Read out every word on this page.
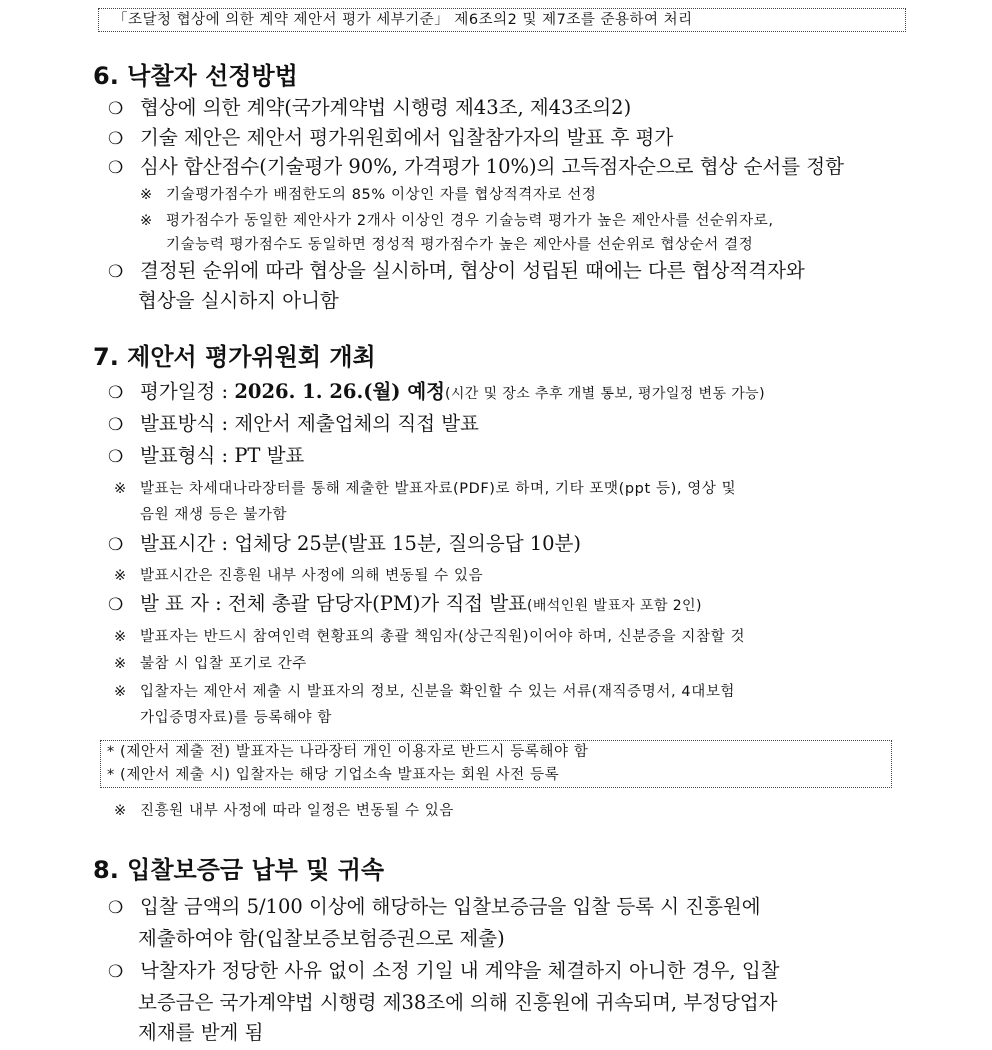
「조달청 협상에 의한 계약 제안서 평가 세부기준」 제6조의2 및 제7조를 준용하여 처리
6. 낙찰자 선정방법
❍ 협상에 의한 계약(국가계약법 시행령 제43조, 제43조의2)
❍ 기술 제안은 제안서 평가위원회에서 입찰참가자의 발표 후 평가
❍ 심사 합산점수(기술평가 90%, 가격평가 10%)의 고득점자순으로 협상 순서를 정함
※ 기술평가점수가 배점한도의 85% 이상인 자를 협상적격자로 선정
※ 평가점수가 동일한 제안사가 2개사 이상인 경우 기술능력 평가가 높은 제안사를 선순위자로,
기술능력 평가점수도 동일하면 정성적 평가점수가 높은 제안사를 선순위로 협상순서 결정
❍ 결정된 순위에 따라 협상을 실시하며, 협상이 성립된 때에는 다른 협상적격자와
협상을 실시하지 아니함
7. 제안서 평가위원회 개최
❍ 평가일정 : 2026. 1. 26.(월) 예정(시간 및 장소 추후 개별 통보, 평가일정 변동 가능)
❍ 발표방식 : 제안서 제출업체의 직접 발표
❍ 발표형식 : PT 발표
※ 발표는 차세대나라장터를 통해 제출한 발표자료(PDF)로 하며, 기타 포맷(ppt 등), 영상 및
음원 재생 등은 불가함
❍ 발표시간 : 업체당 25분(발표 15분, 질의응답 10분)
※ 발표시간은 진흥원 내부 사정에 의해 변동될 수 있음
❍ 발 표 자 : 전체 총괄 담당자(PM)가 직접 발표(배석인원 발표자 포함 2인)
※ 발표자는 반드시 참여인력 현황표의 총괄 책임자(상근직원)이어야 하며, 신분증을 지참할 것
※ 불참 시 입찰 포기로 간주
※ 입찰자는 제안서 제출 시 발표자의 정보, 신분을 확인할 수 있는 서류(재직증명서, 4대보험
가입증명자료)를 등록해야 함
* (제안서 제출 전) 발표자는 나라장터 개인 이용자로 반드시 등록해야 함
* (제안서 제출 시) 입찰자는 해당 기업소속 발표자는 회원 사전 등록
※ 진흥원 내부 사정에 따라 일정은 변동될 수 있음
8. 입찰보증금 납부 및 귀속
❍ 입찰 금액의 5/100 이상에 해당하는 입찰보증금을 입찰 등록 시 진흥원에
제출하여야 함(입찰보증보험증권으로 제출)
❍ 낙찰자가 정당한 사유 없이 소정 기일 내 계약을 체결하지 아니한 경우, 입찰
보증금은 국가계약법 시행령 제38조에 의해 진흥원에 귀속되며, 부정당업자
제재를 받게 됨
